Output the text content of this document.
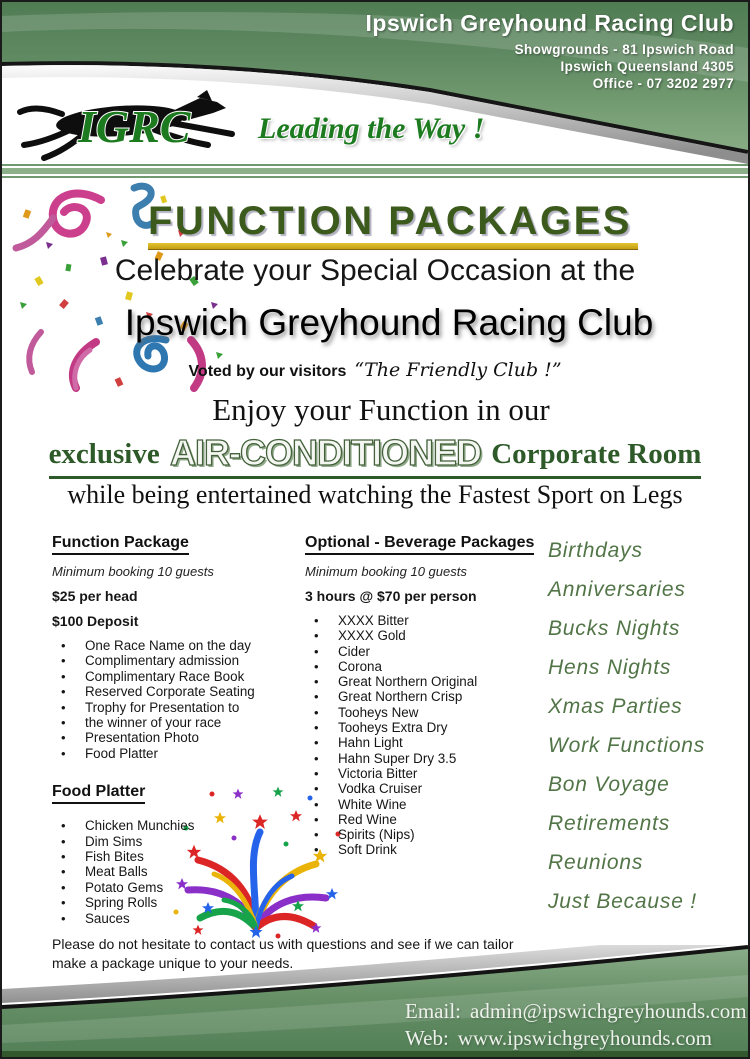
Ipswich Greyhound Racing Club
Showgrounds - 81 Ipswich Road
Ipswich Queensland 4305
Office - 07 3202 2977
IGRC Leading the Way !
FUNCTION PACKAGES
Celebrate your Special Occasion at the
Ipswich Greyhound Racing Club
Voted by our visitors “The Friendly Club !”
Enjoy your Function in our
exclusive AIR-CONDITIONED Corporate Room
while being entertained watching the Fastest Sport on Legs
Function Package
Minimum booking 10 guests
$25 per head
$100 Deposit
• One Race Name on the day
• Complimentary admission
• Complimentary Race Book
• Reserved Corporate Seating
• Trophy for Presentation to
• the winner of your race
• Presentation Photo
• Food Platter
Food Platter
• Chicken Munchies
• Dim Sims
• Fish Bites
• Meat Balls
• Potato Gems
• Spring Rolls
• Sauces
Optional - Beverage Packages
Minimum booking 10 guests
3 hours @ $70 per person
• XXXX Bitter
• XXXX Gold
• Cider
• Corona
• Great Northern Original
• Great Northern Crisp
• Tooheys New
• Tooheys Extra Dry
• Hahn Light
• Hahn Super Dry 3.5
• Victoria Bitter
• Vodka Cruiser
• White Wine
• Red Wine
• Spirits (Nips)
• Soft Drink
Birthdays
Anniversaries
Bucks Nights
Hens Nights
Xmas Parties
Work Functions
Bon Voyage
Retirements
Reunions
Just Because !
Please do not hesitate to contact us with questions and see if we can tailor make a package unique to your needs.
Email: admin@ipswichgreyhounds.com
Web: www.ipswichgreyhounds.com
